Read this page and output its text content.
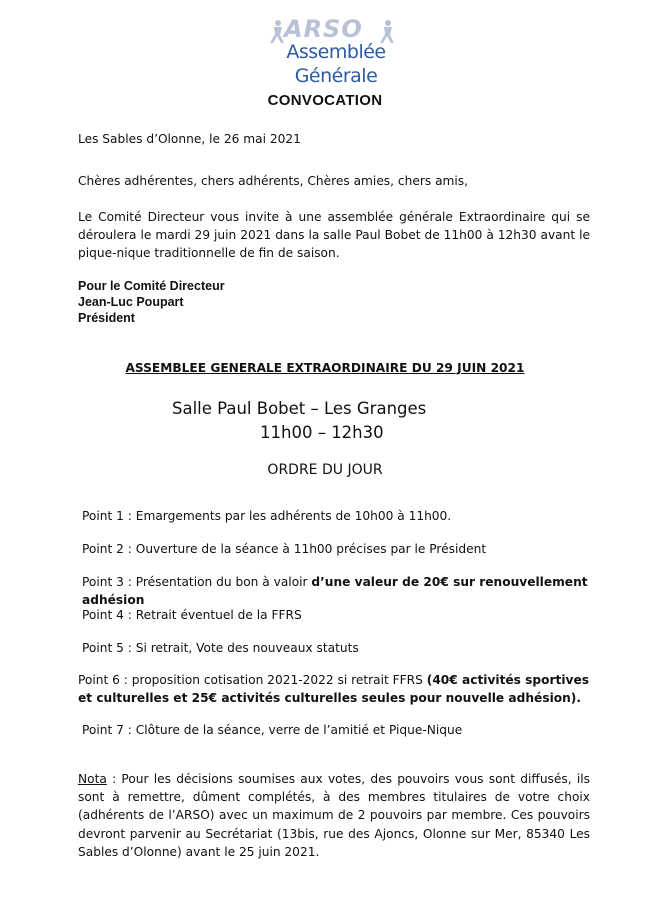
ARSO
Assemblée Générale
CONVOCATION
Les Sables d’Olonne, le 26 mai 2021
Chères adhérentes, chers adhérents, Chères amies, chers amis,
Le Comité Directeur vous invite à une assemblée générale Extraordinaire qui se déroulera le mardi 29 juin 2021 dans la salle Paul Bobet de 11h00 à 12h30 avant le pique-nique traditionnelle de fin de saison.
Pour le Comité Directeur
Jean-Luc Poupart
Président
ASSEMBLEE GENERALE EXTRAORDINAIRE DU 29 JUIN 2021
Salle Paul Bobet – Les Granges
11h00 – 12h30
ORDRE DU JOUR
Point 1 : Emargements par les adhérents de 10h00 à 11h00.
Point 2 : Ouverture de la séance à 11h00 précises par le Président
Point 3 : Présentation du bon à valoir d’une valeur de 20€ sur renouvellement adhésion
Point 4 : Retrait éventuel de la FFRS
Point 5 : Si retrait, Vote des nouveaux statuts
Point 6 : proposition cotisation 2021-2022 si retrait FFRS (40€ activités sportives et culturelles et 25€ activités culturelles seules pour nouvelle adhésion).
Point 7 : Clôture de la séance, verre de l’amitié et Pique-Nique
Nota : Pour les décisions soumises aux votes, des pouvoirs vous sont diffusés, ils sont à remettre, dûment complétés, à des membres titulaires de votre choix (adhérents de l’ARSO) avec un maximum de 2 pouvoirs par membre. Ces pouvoirs devront parvenir au Secrétariat (13bis, rue des Ajoncs, Olonne sur Mer, 85340 Les Sables d’Olonne) avant le 25 juin 2021.
